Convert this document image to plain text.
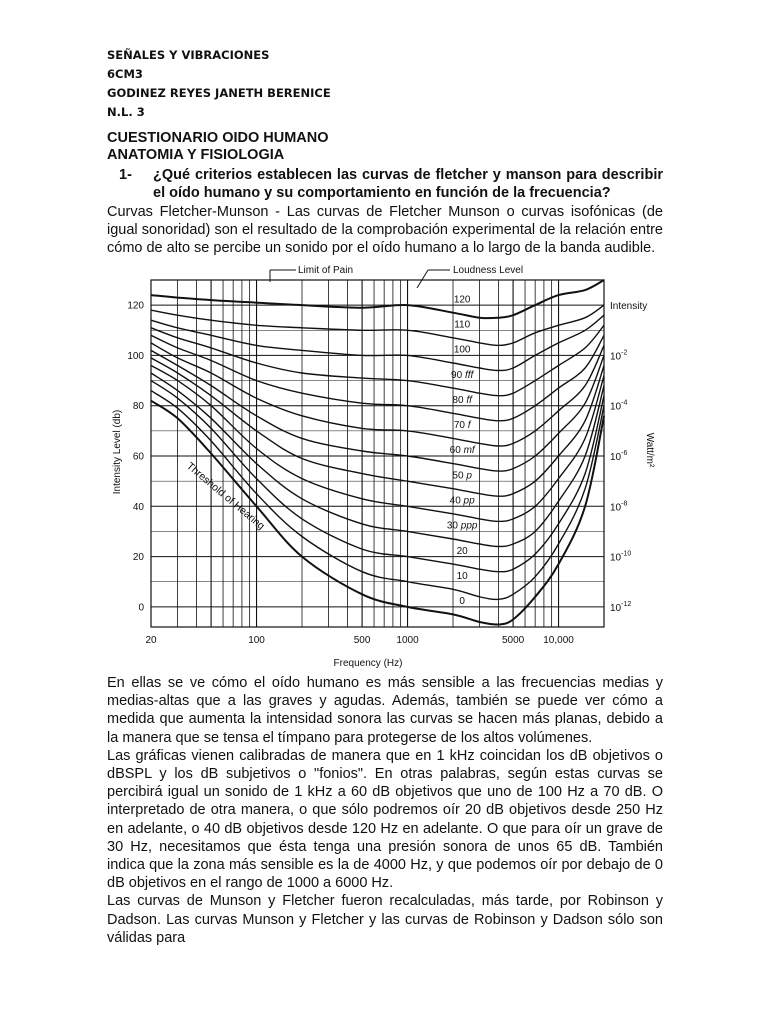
SEÑALES Y VIBRACIONES
6CM3
GODINEZ REYES JANETH BERENICE
N.L. 3
CUESTIONARIO OIDO HUMANO
ANATOMIA Y FISIOLOGIA
1- ¿Qué criterios establecen las curvas de fletcher y manson para describir el oído humano y su comportamiento en función de la frecuencia?
Curvas Fletcher-Munson - Las curvas de Fletcher Munson o curvas isofónicas (de igual sonoridad) son el resultado de la comprobación experimental de la relación entre cómo de alto se percibe un sonido por el oído humano a lo largo de la banda audible.
120
100
80
60
40
20
0
20	100	500	1000	5000 10,000
$10^{-2}$
$10^{-4}$
$10^{-6}$
$10^{-8}$
$10^{-10}$
$10^{-12}$
120
110
100
90 fff
80 ff
70 f
60 mf
50 p
40 pp
30 ppp
20
10
0
Intensity Level (db)
Frequency (Hz)
Intensity
Watt/m²
Limit of Pain	Loudness Level
Threshold of Hearing
En ellas se ve cómo el oído humano es más sensible a las frecuencias medias y medias-altas que a las graves y agudas. Además, también se puede ver cómo a medida que aumenta la intensidad sonora las curvas se hacen más planas, debido a la manera que se tensa el tímpano para protegerse de los altos volúmenes.
Las gráficas vienen calibradas de manera que en 1 kHz coincidan los dB objetivos o dBSPL y los dB subjetivos o "fonios". En otras palabras, según estas curvas se percibirá igual un sonido de 1 kHz a 60 dB objetivos que uno de 100 Hz a 70 dB. O interpretado de otra manera, o que sólo podremos oír 20 dB objetivos desde 250 Hz en adelante, o 40 dB objetivos desde 120 Hz en adelante. O que para oír un grave de 30 Hz, necesitamos que ésta tenga una presión sonora de unos 65 dB. También indica que la zona más sensible es la de 4000 Hz, y que podemos oír por debajo de 0 dB objetivos en el rango de 1000 a 6000 Hz.
Las curvas de Munson y Fletcher fueron recalculadas, más tarde, por Robinson y Dadson. Las curvas Munson y Fletcher y las curvas de Robinson y Dadson sólo son válidas para
